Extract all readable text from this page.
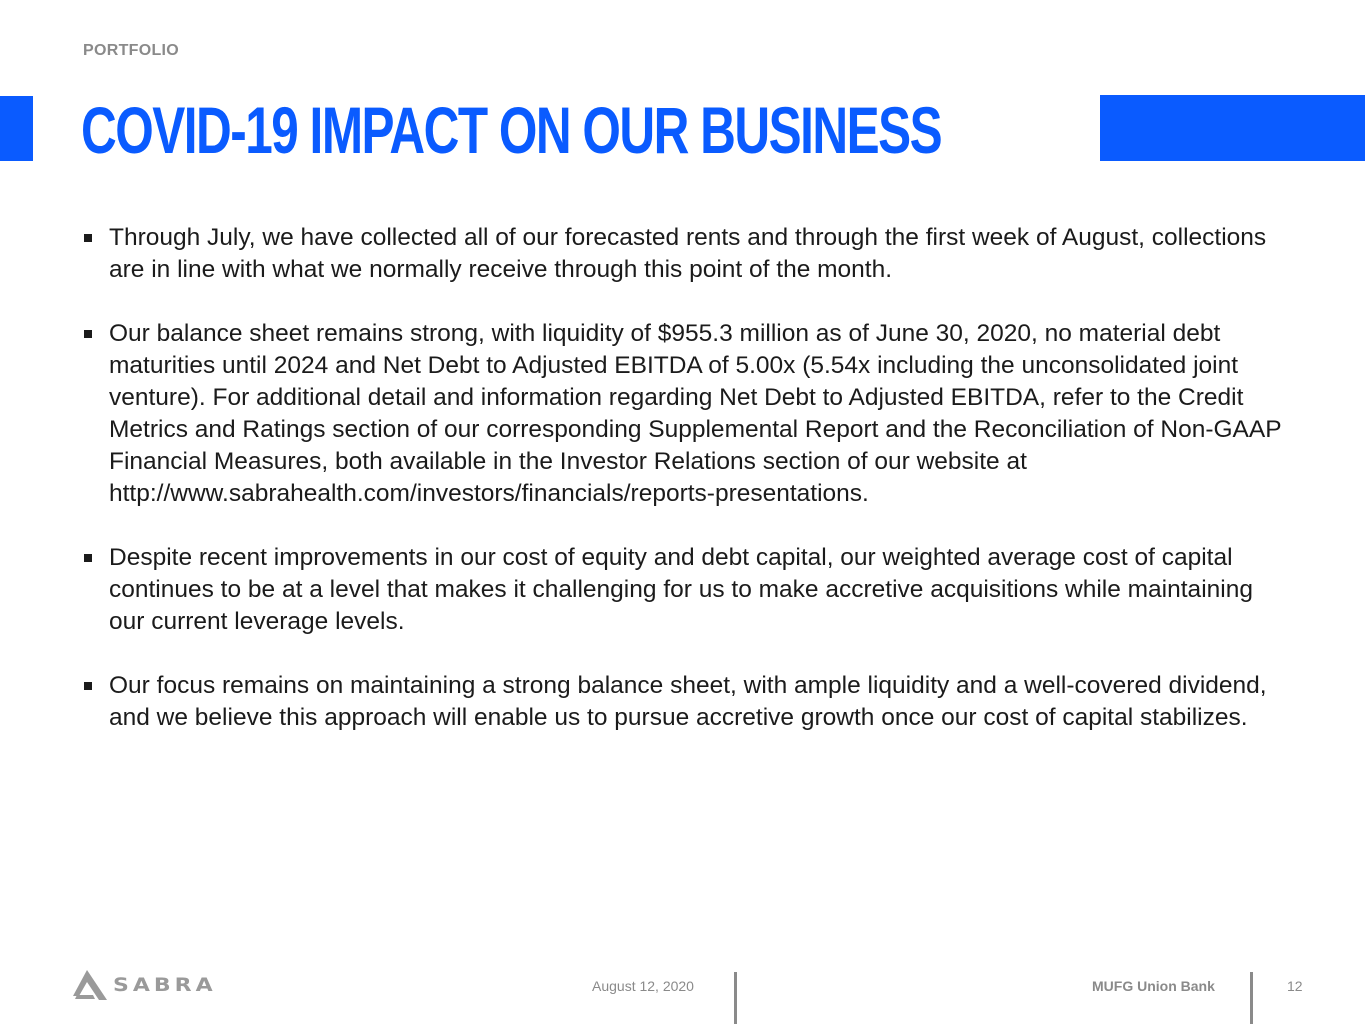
PORTFOLIO
COVID-19 IMPACT ON OUR BUSINESS
Through July, we have collected all of our forecasted rents and through the first week of August, collections are in line with what we normally receive through this point of the month.
Our balance sheet remains strong, with liquidity of $955.3 million as of June 30, 2020, no material debt maturities until 2024 and Net Debt to Adjusted EBITDA of 5.00x (5.54x including the unconsolidated joint venture). For additional detail and information regarding Net Debt to Adjusted EBITDA, refer to the Credit Metrics and Ratings section of our corresponding Supplemental Report and the Reconciliation of Non-GAAP Financial Measures, both available in the Investor Relations section of our website at http://www.sabrahealth.com/investors/financials/reports-presentations.
Despite recent improvements in our cost of equity and debt capital, our weighted average cost of capital continues to be at a level that makes it challenging for us to make accretive acquisitions while maintaining our current leverage levels.
Our focus remains on maintaining a strong balance sheet, with ample liquidity and a well-covered dividend, and we believe this approach will enable us to pursue accretive growth once our cost of capital stabilizes.
SABRA	August 12, 2020	MUFG Union Bank	12
